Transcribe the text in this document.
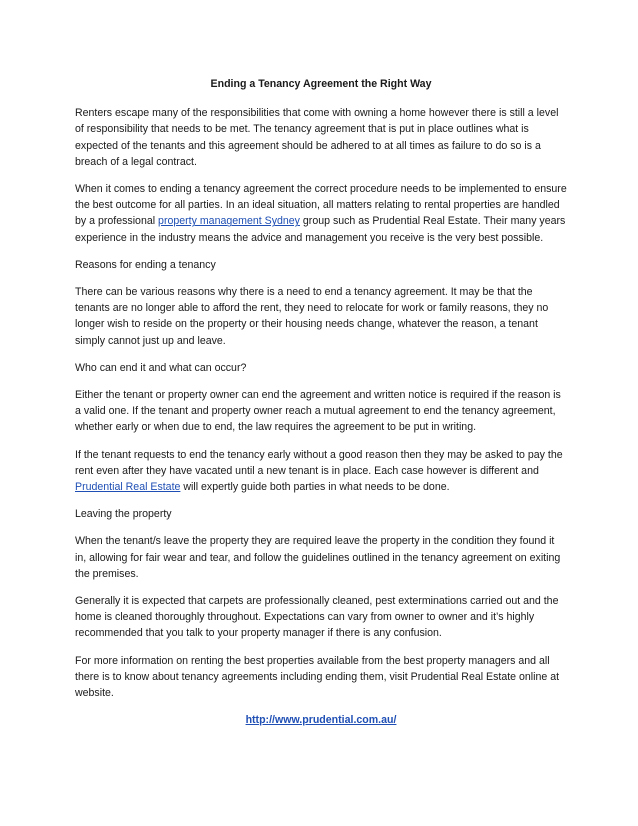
Ending a Tenancy Agreement the Right Way

Renters escape many of the responsibilities that come with owning a home however there is still a level of responsibility that needs to be met. The tenancy agreement that is put in place outlines what is expected of the tenants and this agreement should be adhered to at all times as failure to do so is a breach of a legal contract.

When it comes to ending a tenancy agreement the correct procedure needs to be implemented to ensure the best outcome for all parties. In an ideal situation, all matters relating to rental properties are handled by a professional property management Sydney group such as Prudential Real Estate. Their many years experience in the industry means the advice and management you receive is the very best possible.

Reasons for ending a tenancy

There can be various reasons why there is a need to end a tenancy agreement. It may be that the tenants are no longer able to afford the rent, they need to relocate for work or family reasons, they no longer wish to reside on the property or their housing needs change, whatever the reason, a tenant simply cannot just up and leave.

Who can end it and what can occur?

Either the tenant or property owner can end the agreement and written notice is required if the reason is a valid one. If the tenant and property owner reach a mutual agreement to end the tenancy agreement, whether early or when due to end, the law requires the agreement to be put in writing.

If the tenant requests to end the tenancy early without a good reason then they may be asked to pay the rent even after they have vacated until a new tenant is in place. Each case however is different and Prudential Real Estate will expertly guide both parties in what needs to be done.

Leaving the property

When the tenant/s leave the property they are required leave the property in the condition they found it in, allowing for fair wear and tear, and follow the guidelines outlined in the tenancy agreement on exiting the premises.

Generally it is expected that carpets are professionally cleaned, pest exterminations carried out and the home is cleaned thoroughly throughout. Expectations can vary from owner to owner and it’s highly recommended that you talk to your property manager if there is any confusion.

For more information on renting the best properties available from the best property managers and all there is to know about tenancy agreements including ending them, visit Prudential Real Estate online at website.

http://www.prudential.com.au/
